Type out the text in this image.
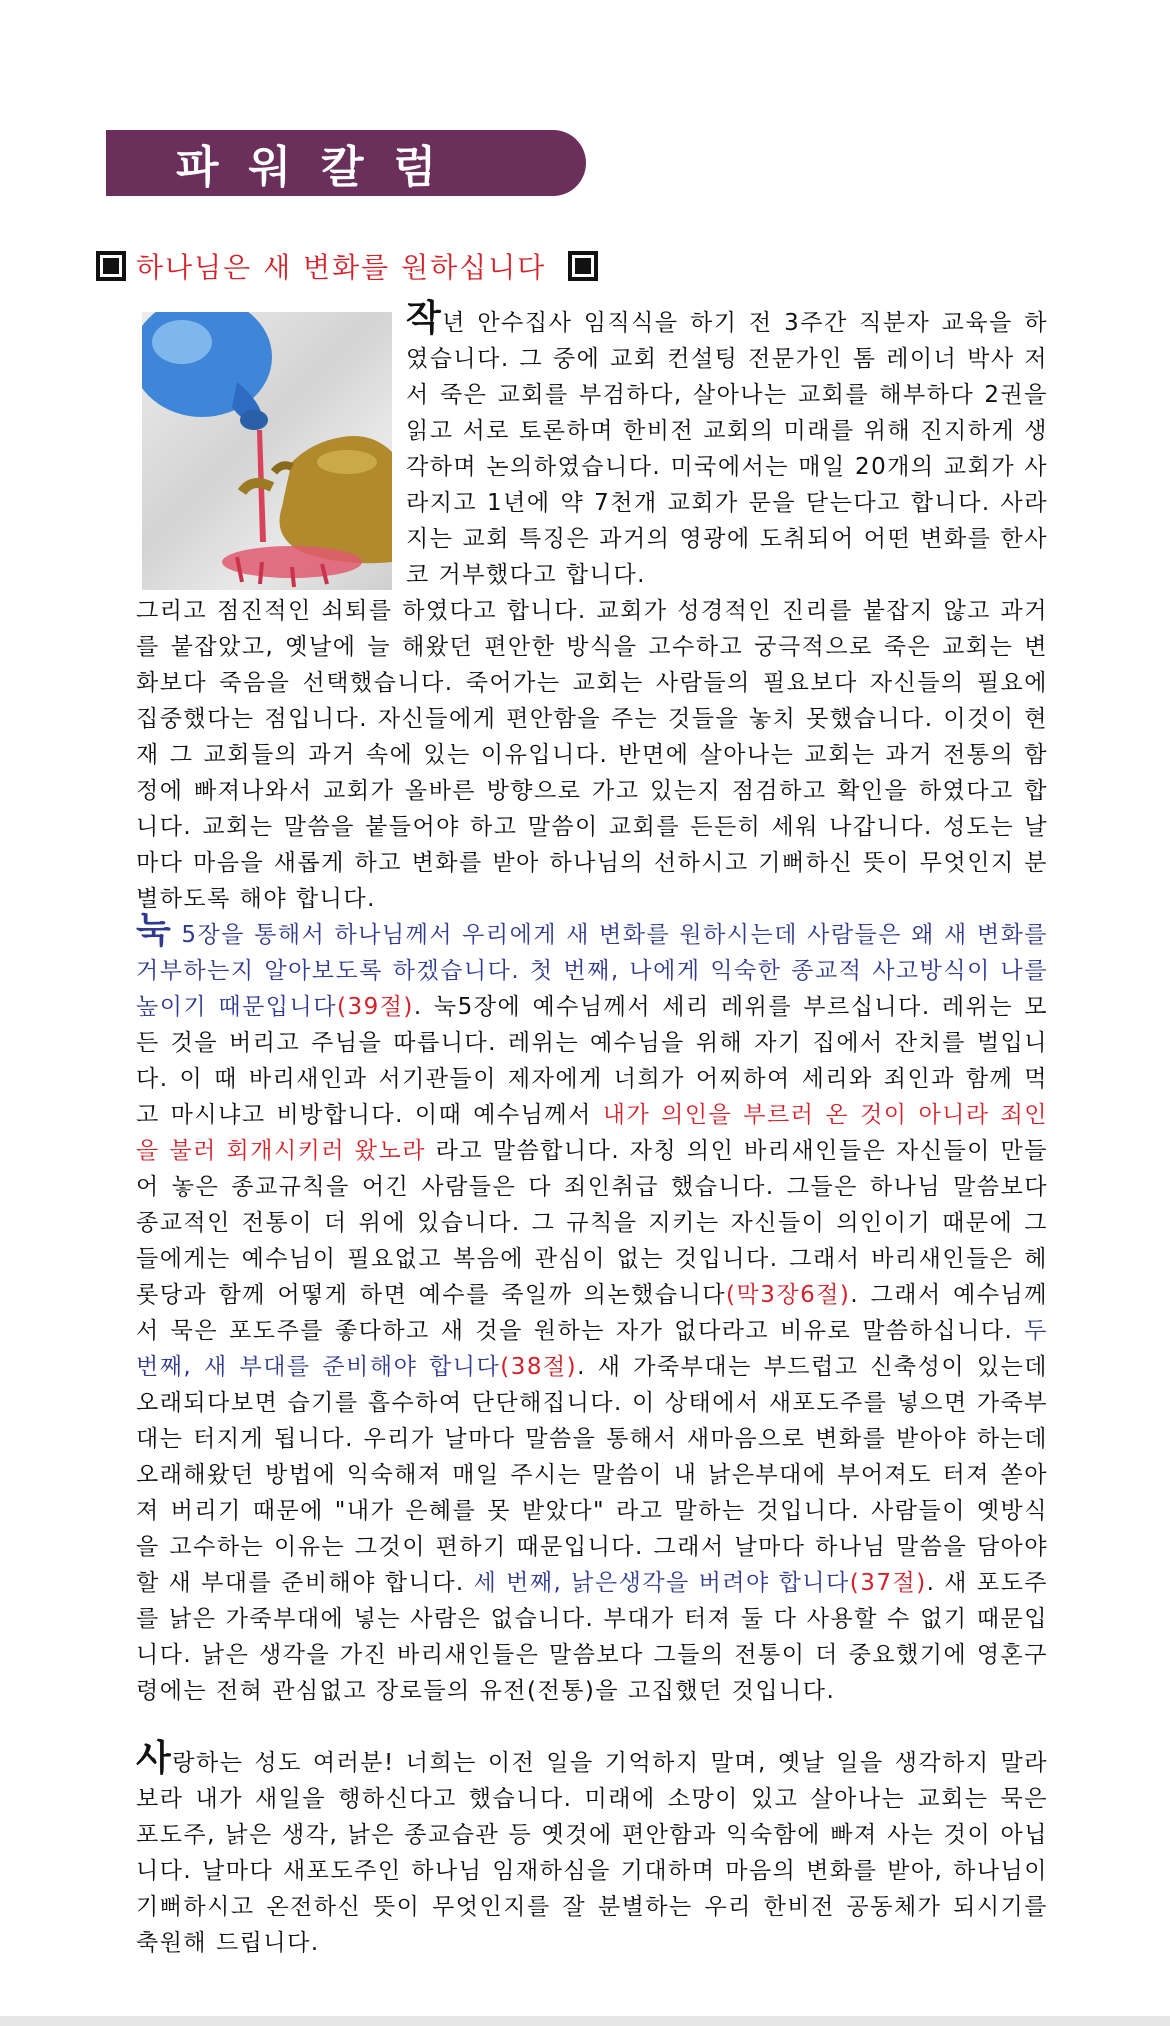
파워칼럼
하나님은 새 변화를 원하십니다

작년 안수집사 임직식을 하기 전 3주간 직분자 교육을 하였습니다. 그 중에 교회 컨설팅 전문가인 톰 레이너 박사 저서 죽은 교회를 부검하다, 살아나는 교회를 해부하다 2권을 읽고 서로 토론하며 한비전 교회의 미래를 위해 진지하게 생각하며 논의하였습니다. 미국에서는 매일 20개의 교회가 사라지고 1년에 약 7천개 교회가 문을 닫는다고 합니다. 사라지는 교회 특징은 과거의 영광에 도취되어 어떤 변화를 한사코 거부했다고 합니다.

그리고 점진적인 쇠퇴를 하였다고 합니다. 교회가 성경적인 진리를 붙잡지 않고 과거를 붙잡았고, 옛날에 늘 해왔던 편안한 방식을 고수하고 궁극적으로 죽은 교회는 변화보다 죽음을 선택했습니다. 죽어가는 교회는 사람들의 필요보다 자신들의 필요에 집중했다는 점입니다. 자신들에게 편안함을 주는 것들을 놓치 못했습니다. 이것이 현재 그 교회들의 과거 속에 있는 이유입니다. 반면에 살아나는 교회는 과거 전통의 함정에 빠져나와서 교회가 올바른 방향으로 가고 있는지 점검하고 확인을 하였다고 합니다. 교회는 말씀을 붙들어야 하고 말씀이 교회를 든든히 세워 나갑니다. 성도는 날마다 마음을 새롭게 하고 변화를 받아 하나님의 선하시고 기뻐하신 뜻이 무엇인지 분별하도록 해야 합니다.

눅 5장을 통해서 하나님께서 우리에게 새 변화를 원하시는데 사람들은 왜 새 변화를 거부하는지 알아보도록 하겠습니다. 첫 번째, 나에게 익숙한 종교적 사고방식이 나를 높이기 때문입니다(39절). 눅5장에 예수님께서 세리 레위를 부르십니다. 레위는 모든 것을 버리고 주님을 따릅니다. 레위는 예수님을 위해 자기 집에서 잔치를 벌입니다. 이 때 바리새인과 서기관들이 제자에게 너희가 어찌하여 세리와 죄인과 함께 먹고 마시냐고 비방합니다. 이때 예수님께서 내가 의인을 부르러 온 것이 아니라 죄인을 불러 회개시키러 왔노라 라고 말씀합니다. 자칭 의인 바리새인들은 자신들이 만들어 놓은 종교규칙을 어긴 사람들은 다 죄인취급 했습니다. 그들은 하나님 말씀보다 종교적인 전통이 더 위에 있습니다. 그 규칙을 지키는 자신들이 의인이기 때문에 그들에게는 예수님이 필요없고 복음에 관심이 없는 것입니다. 그래서 바리새인들은 헤롯당과 함께 어떻게 하면 예수를 죽일까 의논했습니다(막3장6절). 그래서 예수님께서 묵은 포도주를 좋다하고 새 것을 원하는 자가 없다라고 비유로 말씀하십니다. 두 번째, 새 부대를 준비해야 합니다(38절). 새 가죽부대는 부드럽고 신축성이 있는데 오래되다보면 습기를 흡수하여 단단해집니다. 이 상태에서 새포도주를 넣으면 가죽부대는 터지게 됩니다. 우리가 날마다 말씀을 통해서 새마음으로 변화를 받아야 하는데 오래해왔던 방법에 익숙해져 매일 주시는 말씀이 내 낡은부대에 부어져도 터져 쏟아져 버리기 때문에 "내가 은혜를 못 받았다" 라고 말하는 것입니다. 사람들이 옛방식을 고수하는 이유는 그것이 편하기 때문입니다. 그래서 날마다 하나님 말씀을 담아야 할 새 부대를 준비해야 합니다. 세 번째, 낡은생각을 버려야 합니다(37절). 새 포도주를 낡은 가죽부대에 넣는 사람은 없습니다. 부대가 터져 둘 다 사용할 수 없기 때문입니다. 낡은 생각을 가진 바리새인들은 말씀보다 그들의 전통이 더 중요했기에 영혼구령에는 전혀 관심없고 장로들의 유전(전통)을 고집했던 것입니다.

사랑하는 성도 여러분! 너희는 이전 일을 기억하지 말며, 옛날 일을 생각하지 말라 보라 내가 새일을 행하신다고 했습니다. 미래에 소망이 있고 살아나는 교회는 묵은 포도주, 낡은 생각, 낡은 종교습관 등 옛것에 편안함과 익숙함에 빠져 사는 것이 아닙니다. 날마다 새포도주인 하나님 임재하심을 기대하며 마음의 변화를 받아, 하나님이 기뻐하시고 온전하신 뜻이 무엇인지를 잘 분별하는 우리 한비전 공동체가 되시기를 축원해 드립니다.
